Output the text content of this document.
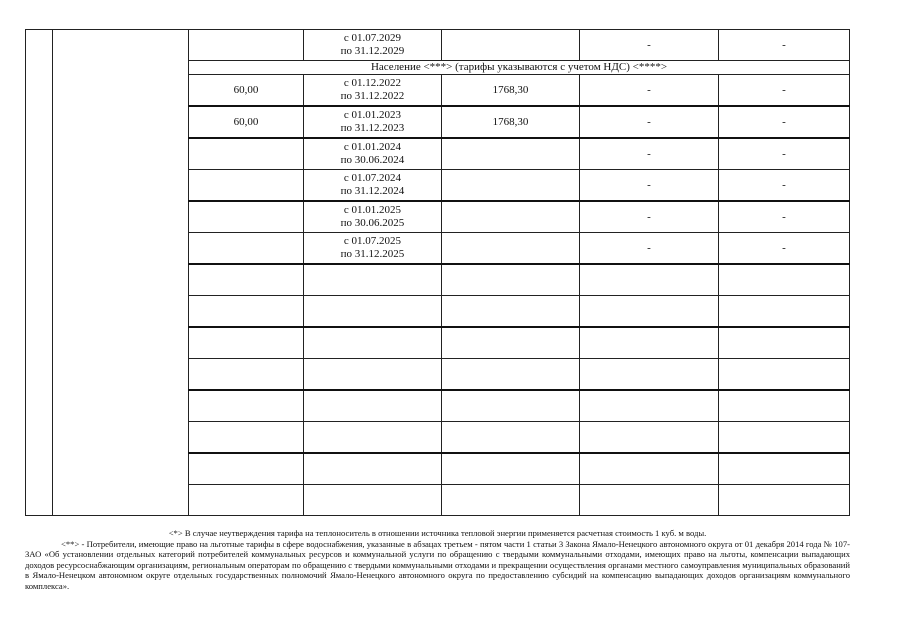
			с 01.07.2029
по 31.12.2029		-	-
		Население <***> (тарифы указываются с учетом НДС) <****>				
		60,00	с 01.12.2022
по 31.12.2022	1768,30	-	-
		60,00	с 01.01.2023
по 31.12.2023	1768,30	-	-

			с 01.01.2024
по 30.06.2024		-	-

			с 01.07.2024
по 31.12.2024		-	-

			с 01.01.2025
по 30.06.2025		-	-

			с 01.07.2025
по 31.12.2025		-	-

<*> В случае неутверждения тарифа на теплоноситель в отношении источника тепловой энергии применяется расчетная стоимость 1 куб. м воды.

<**> - Потребители, имеющие право на льготные тарифы в сфере водоснабжения, указанные в абзацах третьем - пятом части 1 статьи 3 Закона Ямало-Ненецкого автономного округа от 01 декабря 2014 года № 107-ЗАО «Об установлении отдельных категорий потребителей коммунальных ресурсов и коммунальной услуги по обращению с твердыми коммунальными отходами, имеющих право на льготы, компенсации выпадающих доходов ресурсоснабжающим организациям, региональным операторам по обращению с твердыми коммунальными отходами и прекращении осуществления органами местного самоуправления муниципальных образований в Ямало-Ненецком автономном округе отдельных государственных полномочий Ямало-Ненецкого автономного округа по предоставлению субсидий на компенсацию выпадающих доходов организациям коммунального комплекса».
